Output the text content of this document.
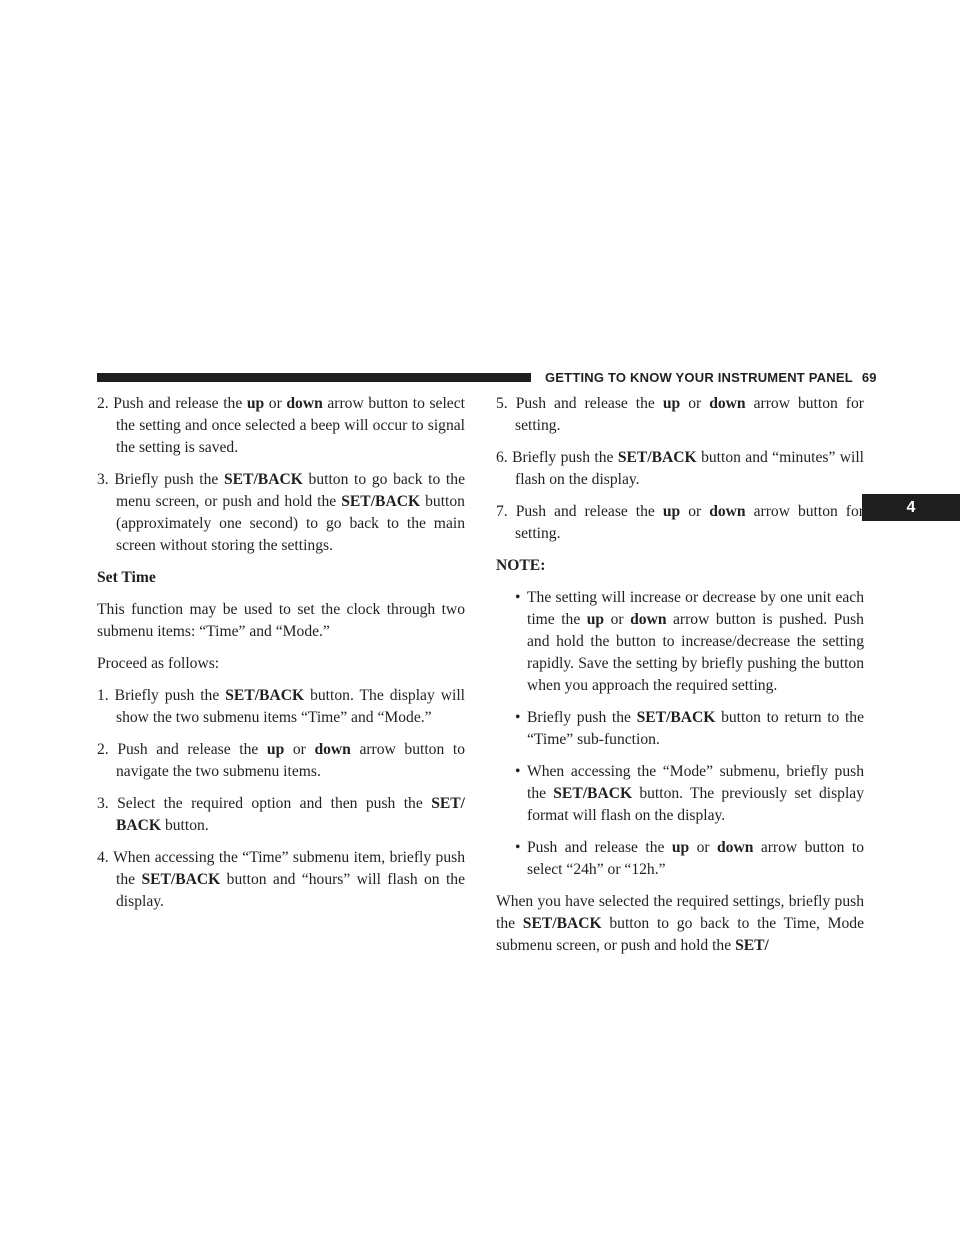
GETTING TO KNOW YOUR INSTRUMENT PANEL 69
4

2. Push and release the up or down arrow button to select the setting and once selected a beep will occur to signal the setting is saved.

3. Briefly push the SET/BACK button to go back to the menu screen, or push and hold the SET/BACK button (approximately one second) to go back to the main screen without storing the settings.

Set Time

This function may be used to set the clock through two submenu items: “Time” and “Mode.”

Proceed as follows:

1. Briefly push the SET/BACK button. The display will show the two submenu items “Time” and “Mode.”

2. Push and release the up or down arrow button to navigate the two submenu items.

3. Select the required option and then push the SET/ BACK button.

4. When accessing the “Time” submenu item, briefly push the SET/BACK button and “hours” will flash on the display.

5. Push and release the up or down arrow button for setting.

6. Briefly push the SET/BACK button and “minutes” will flash on the display.

7. Push and release the up or down arrow button for setting.

NOTE:

• The setting will increase or decrease by one unit each time the up or down arrow button is pushed. Push and hold the button to increase/decrease the setting rapidly. Save the setting by briefly pushing the button when you approach the required setting.

• Briefly push the SET/BACK button to return to the “Time” sub-function.

• When accessing the “Mode” submenu, briefly push the SET/BACK button. The previously set display format will flash on the display.

• Push and release the up or down arrow button to select “24h” or “12h.”

When you have selected the required settings, briefly push the SET/BACK button to go back to the Time, Mode submenu screen, or push and hold the SET/
